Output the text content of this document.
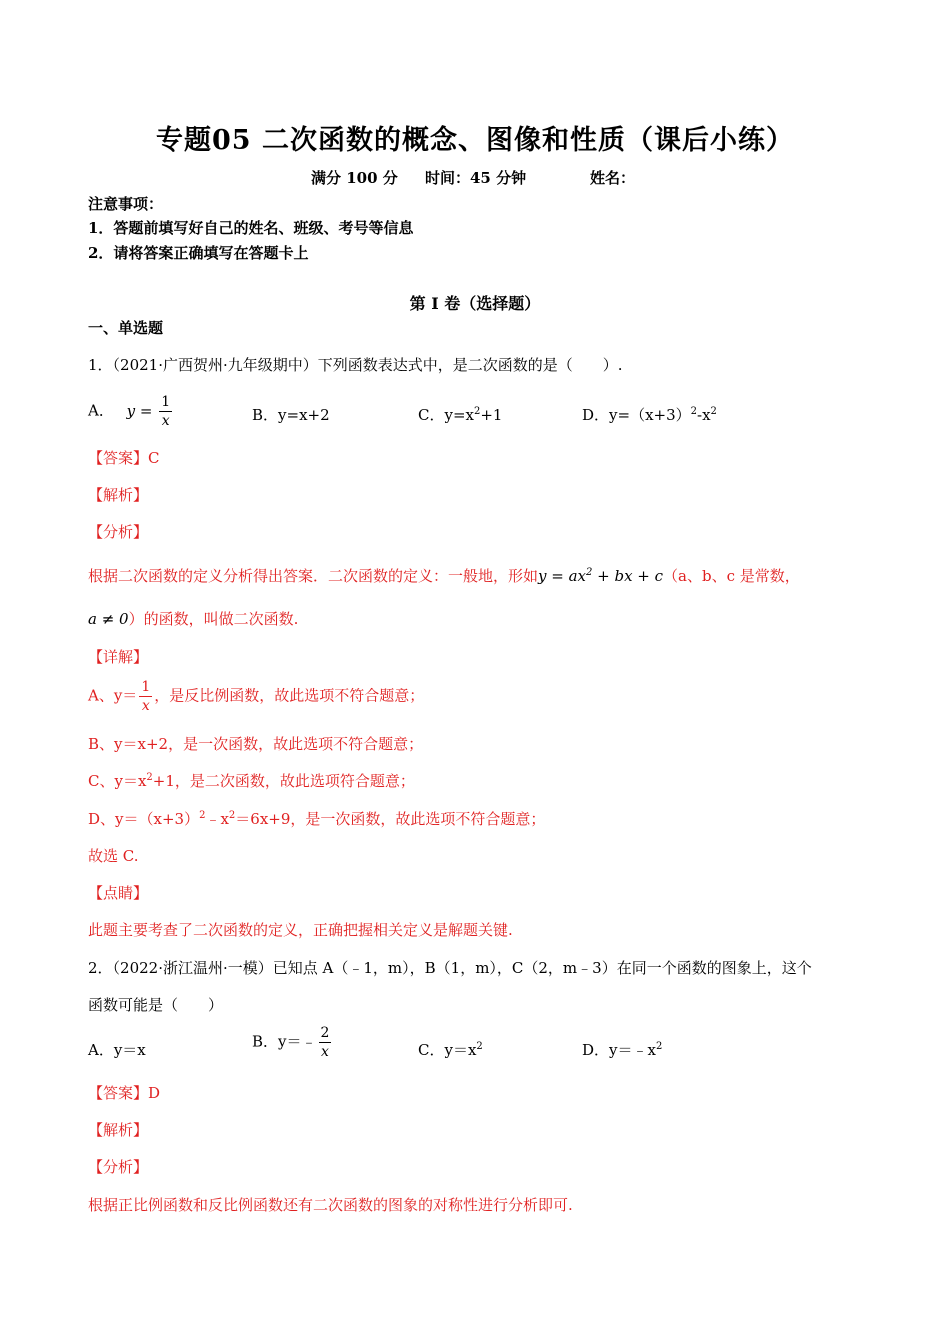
专题05 二次函数的概念、图像和性质（课后小练）
满分 100 分 时间：45 分钟	姓名：
注意事项：
1．答题前填写好自己的姓名、班级、考号等信息
2．请将答案正确填写在答题卡上
第 I 卷（选择题）
一、单选题
1．（2021·广西贺州·九年级期中）下列函数表达式中，是二次函数的是（　　）.
A． $y = \frac{1}{x}$	B．y=x+2	C．$y=x^2+1$	D．$y=(x+3)^2-x^2$
【答案】C
【解析】
【分析】
根据二次函数的定义分析得出答案．二次函数的定义：一般地，形如$y = ax^2$ + bx + c（a、b、c 是常数，
a ≠ 0）的函数，叫做二次函数.
【详解】
A、$y= \frac{1}{x}$ ，是反比例函数，故此选项不符合题意；
B、y＝x+2，是一次函数，故此选项不符合题意；
C、$y=x^2+1$，是二次函数，故此选项符合题意；
D、$y=(x+3)^2﹣x^2=6x+9$，是一次函数，故此选项不符合题意；
故选 C.
【点睛】
此题主要考查了二次函数的定义，正确把握相关定义是解题关键.
2．（2022·浙江温州·一模）已知点 A（﹣1，m），B（1，m），C（2，m﹣3）在同一个函数的图象上，这个
函数可能是（　　）
A．y＝x	B．y＝﹣ $\frac{2}{x}$	C．$y=x^2$	D．$y=﹣x^2$
【答案】D
【解析】
【分析】
根据正比例函数和反比例函数还有二次函数的图象的对称性进行分析即可.
